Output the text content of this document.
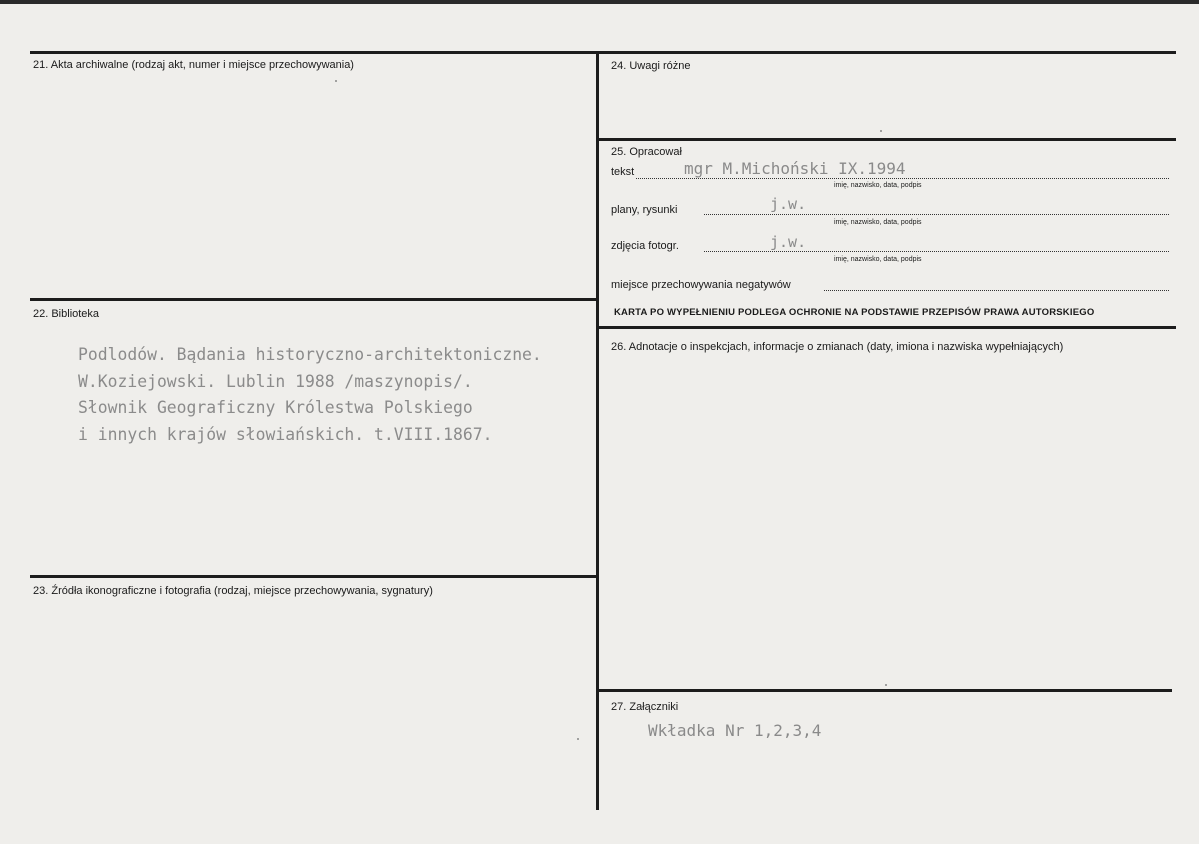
21. Akta archiwalne (rodzaj akt, numer i miejsce przechowywania)
22. Biblioteka
Podlodów. Bądania historyczno-architektoniczne.
W.Koziejowski. Lublin 1988 /maszynopis/.
Słownik Geograficzny Królestwa Polskiego
i innych krajów słowiańskich. t.VIII.1867.
23. Źródła ikonograficzne i fotografia (rodzaj, miejsce przechowywania, sygnatury)
24. Uwagi różne
25. Opracował
tekst	mgr M.Michoński IX.1994
imię, nazwisko, data, podpis
plany, rysunki	j.w.
imię, nazwisko, data, podpis
zdjęcia fotogr.	j.w.
imię, nazwisko, data, podpis
miejsce przechowywania negatywów
KARTA PO WYPEŁNIENIU PODLEGA OCHRONIE NA PODSTAWIE PRZEPISÓW PRAWA AUTORSKIEGO
26. Adnotacje o inspekcjach, informacje o zmianach (daty, imiona i nazwiska wypełniających)
27. Załączniki
Wkładka Nr 1,2,3,4
